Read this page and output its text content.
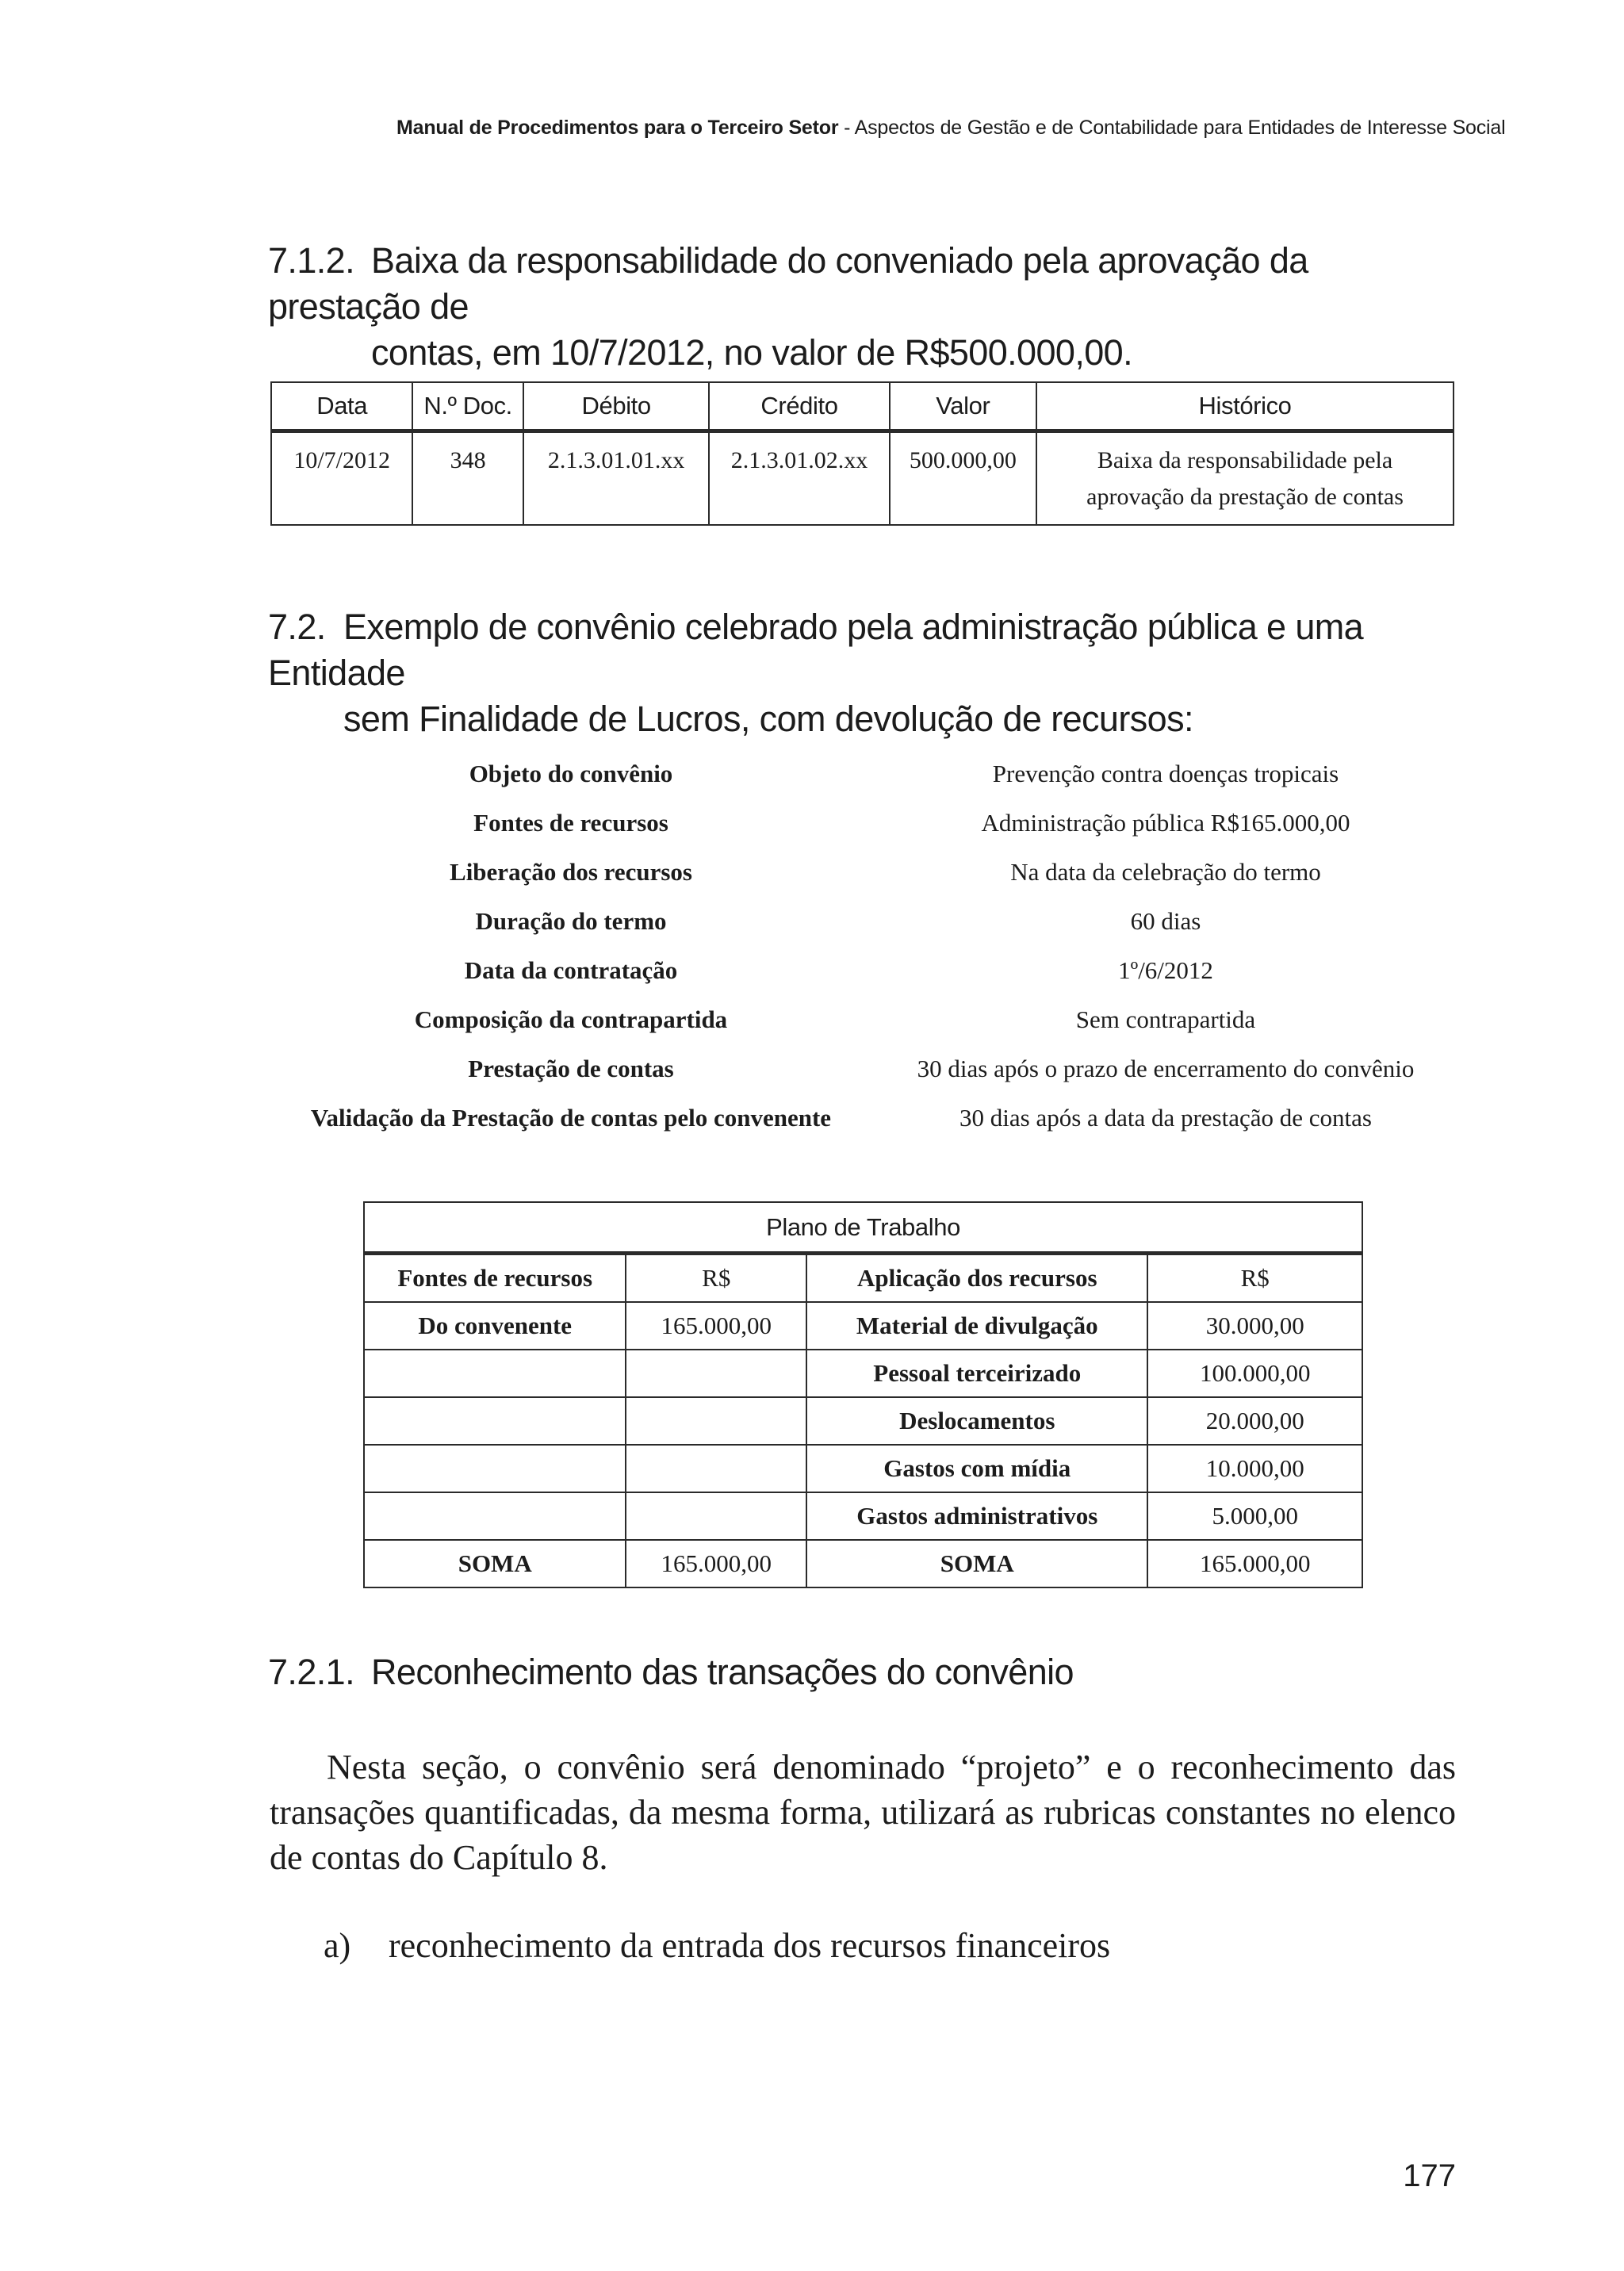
Manual de Procedimentos para o Terceiro Setor - Aspectos de Gestão e de Contabilidade para Entidades de Interesse Social
7.1.2. Baixa da responsabilidade do conveniado pela aprovação da prestação de
contas, em 10/7/2012, no valor de R$500.000,00.
Data	N.º Doc.	Débito	Crédito	Valor	Histórico
10/7/2012	348	2.1.3.01.01.xx	2.1.3.01.02.xx	500.000,00	Baixa da responsabilidade pela
aprovação da prestação de contas
7.2. Exemplo de convênio celebrado pela administração pública e uma Entidade
sem Finalidade de Lucros, com devolução de recursos:
Objeto do convênio	Prevenção contra doenças tropicais
Fontes de recursos	Administração pública R$165.000,00
Liberação dos recursos	Na data da celebração do termo
Duração do termo	60 dias
Data da contratação	1º/6/2012
Composição da contrapartida	Sem contrapartida
Prestação de contas	30 dias após o prazo de encerramento do convênio
Validação da Prestação de contas pelo convenente	30 dias após a data da prestação de contas
Plano de Trabalho			
Fontes de recursos	R$	Aplicação dos recursos	R$
Do convenente	165.000,00	Material de divulgação	30.000,00
		Pessoal terceirizado	100.000,00
		Deslocamentos	20.000,00
		Gastos com mídia	10.000,00
		Gastos administrativos	5.000,00
SOMA	165.000,00	SOMA	165.000,00
7.2.1. Reconhecimento das transações do convênio

Nesta seção, o convênio será denominado “projeto” e o reconhecimento das transações quantificadas, da mesma forma, utilizará as rubricas constantes no elenco de contas do Capítulo 8.

a) reconhecimento da entrada dos recursos financeiros
177
